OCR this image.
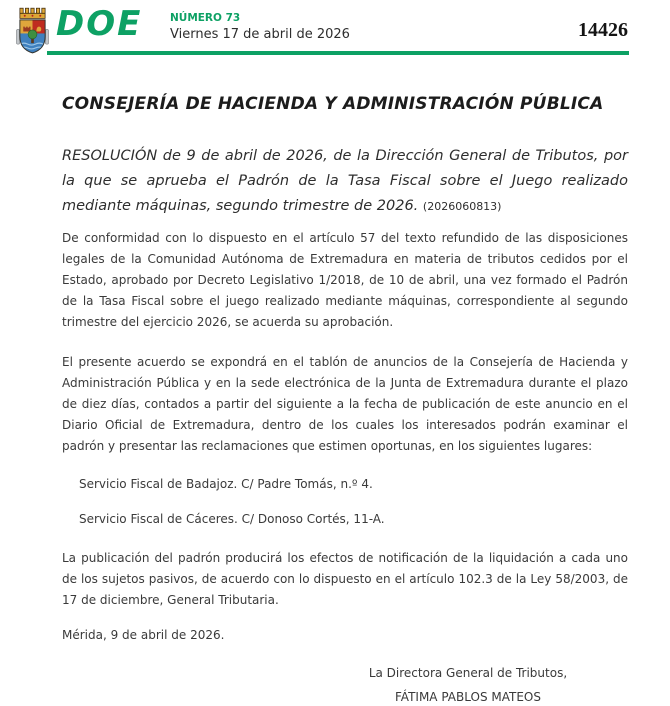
DOE	NÚMERO 73
Viernes 17 de abril de 2026	14426
CONSEJERÍA DE HACIENDA Y ADMINISTRACIÓN PÚBLICA

RESOLUCIÓN de 9 de abril de 2026, de la Dirección General de Tributos, por la que se aprueba el Padrón de la Tasa Fiscal sobre el Juego realizado mediante máquinas, segundo trimestre de 2026. (2026060813)

De conformidad con lo dispuesto en el artículo 57 del texto refundido de las disposiciones legales de la Comunidad Autónoma de Extremadura en materia de tributos cedidos por el Estado, aprobado por Decreto Legislativo 1/2018, de 10 de abril, una vez formado el Padrón de la Tasa Fiscal sobre el juego realizado mediante máquinas, correspondiente al segundo trimestre del ejercicio 2026, se acuerda su aprobación.

El presente acuerdo se expondrá en el tablón de anuncios de la Consejería de Hacienda y Administración Pública y en la sede electrónica de la Junta de Extremadura durante el plazo de diez días, contados a partir del siguiente a la fecha de publicación de este anuncio en el Diario Oficial de Extremadura, dentro de los cuales los interesados podrán examinar el padrón y presentar las reclamaciones que estimen oportunas, en los siguientes lugares:

Servicio Fiscal de Badajoz. C/ Padre Tomás, n.º 4.

Servicio Fiscal de Cáceres. C/ Donoso Cortés, 11-A.

La publicación del padrón producirá los efectos de notificación de la liquidación a cada uno de los sujetos pasivos, de acuerdo con lo dispuesto en el artículo 102.3 de la Ley 58/2003, de 17 de diciembre, General Tributaria.

Mérida, 9 de abril de 2026.

La Directora General de Tributos,
FÁTIMA PABLOS MATEOS
